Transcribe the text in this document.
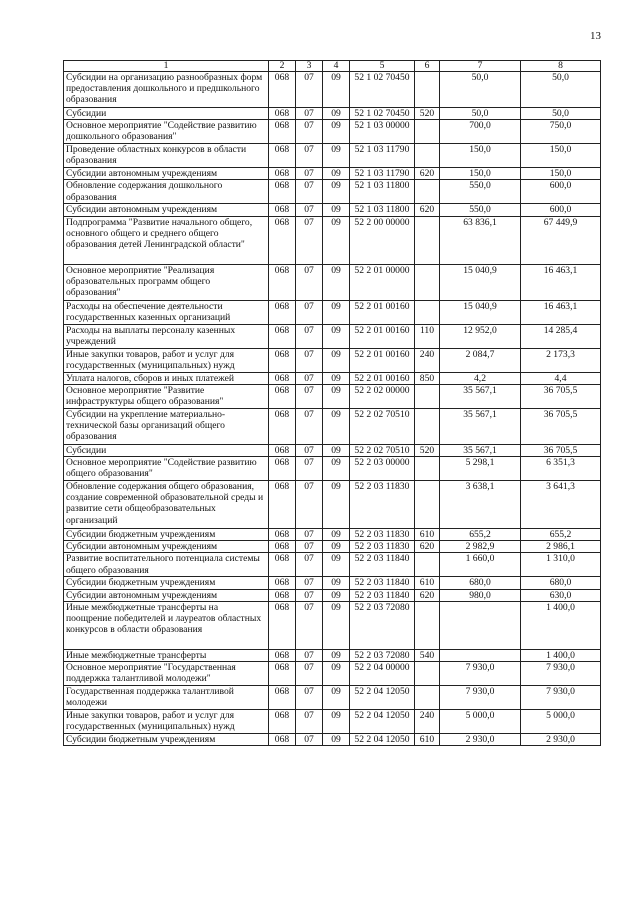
13
1	2	3	4	5	6	7	8
Субсидии на организацию разнообразных форм предоставления дошкольного и предшкольного образования	068	07	09	52 1 02 70450		50,0	50,0
Субсидии	068	07	09	52 1 02 70450	520	50,0	50,0
Основное мероприятие "Содействие развитию дошкольного образования"	068	07	09	52 1 03 00000		700,0	750,0
Проведение областных конкурсов в области образования	068	07	09	52 1 03 11790		150,0	150,0
Субсидии автономным учреждениям	068	07	09	52 1 03 11790	620	150,0	150,0
Обновление содержания дошкольного образования	068	07	09	52 1 03 11800		550,0	600,0
Субсидии автономным учреждениям	068	07	09	52 1 03 11800	620	550,0	600,0
Подпрограмма "Развитие начального общего, основного общего и среднего общего образования детей Ленинградской области"	068	07	09	52 2 00 00000		63 836,1	67 449,9
Основное мероприятие "Реализация образовательных программ общего образования"	068	07	09	52 2 01 00000		15 040,9	16 463,1
Расходы на обеспечение деятельности государственных казенных организаций	068	07	09	52 2 01 00160		15 040,9	16 463,1
Расходы на выплаты персоналу казенных учреждений	068	07	09	52 2 01 00160	110	12 952,0	14 285,4
Иные закупки товаров, работ и услуг для государственных (муниципальных) нужд	068	07	09	52 2 01 00160	240	2 084,7	2 173,3
Уплата налогов, сборов и иных платежей	068	07	09	52 2 01 00160	850	4,2	4,4
Основное мероприятие "Развитие инфраструктуры общего образования"	068	07	09	52 2 02 00000		35 567,1	36 705,5
Субсидии на укрепление материально-технической базы организаций общего образования	068	07	09	52 2 02 70510		35 567,1	36 705,5
Субсидии	068	07	09	52 2 02 70510	520	35 567,1	36 705,5
Основное мероприятие "Содействие развитию общего образования"	068	07	09	52 2 03 00000		5 298,1	6 351,3
Обновление содержания общего образования, создание современной образовательной среды и развитие сети общеобразовательных организаций	068	07	09	52 2 03 11830		3 638,1	3 641,3
Субсидии бюджетным учреждениям	068	07	09	52 2 03 11830	610	655,2	655,2
Субсидии автономным учреждениям	068	07	09	52 2 03 11830	620	2 982,9	2 986,1
Развитие воспитательного потенциала системы общего образования	068	07	09	52 2 03 11840		1 660,0	1 310,0
Субсидии бюджетным учреждениям	068	07	09	52 2 03 11840	610	680,0	680,0
Субсидии автономным учреждениям	068	07	09	52 2 03 11840	620	980,0	630,0
Иные межбюджетные трансферты на поощрение победителей и лауреатов областных конкурсов в области образования	068	07	09	52 2 03 72080			1 400,0
Иные межбюджетные трансферты	068	07	09	52 2 03 72080	540		1 400,0
Основное мероприятие "Государственная поддержка талантливой молодежи"	068	07	09	52 2 04 00000		7 930,0	7 930,0
Государственная поддержка талантливой молодежи	068	07	09	52 2 04 12050		7 930,0	7 930,0
Иные закупки товаров, работ и услуг для государственных (муниципальных) нужд	068	07	09	52 2 04 12050	240	5 000,0	5 000,0
Субсидии бюджетным учреждениям	068	07	09	52 2 04 12050	610	2 930,0	2 930,0
